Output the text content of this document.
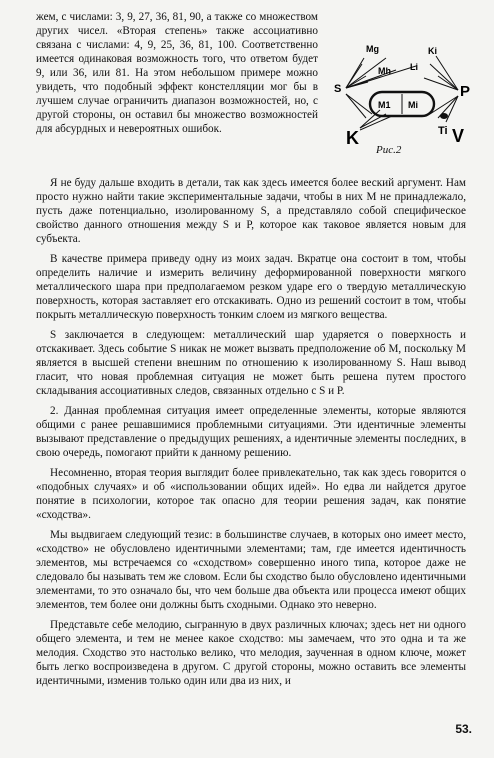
жем, с числами: 3, 9, 27, 36, 81, 90, а также со множеством других чисел. «Вторая степень» также ассоциативно связана с числами: 4, 9, 25, 36, 81, 100. Соответственно имеется одинаковая возможность того, что ответом будет 9, или 36, или 81. На этом небольшом примере можно увидеть, что подобный эффект констелляции мог бы в лучшем случае ограничить диапазон возможностей, но, с другой стороны, он оставил бы множество возможностей для абсурдных и невероятных ошибок.

Mg	Ki
Mh Li
S	P
M1 Mi
K	Ti V
Рис.2

Я не буду дальше входить в детали, так как здесь имеется более веский аргумент. Нам просто нужно найти такие экспериментальные задачи, чтобы в них М не принадлежало, пусть даже потенциально, изолированному S, а представляло собой специфическое свойство данного отношения между S и Р, которое как таковое является новым для субъекта.

В качестве примера приведу одну из моих задач. Вкратце она состоит в том, чтобы определить наличие и измерить величину деформированной поверхности мягкого металлического шара при предполагаемом резком ударе его о твердую металлическую поверхность, которая заставляет его отскакивать. Одно из решений состоит в том, чтобы покрыть металлическую поверхность тонким слоем из мягкого вещества.

S заключается в следующем: металлический шар ударяется о поверхность и отскакивает. Здесь событие S никак не может вызвать предположение об М, поскольку М является в высшей степени внешним по отношению к изолированному S. Наш вывод гласит, что новая проблемная ситуация не может быть решена путем простого складывания ассоциативных следов, связанных отдельно с S и Р.

2. Данная проблемная ситуация имеет определенные элементы, которые являются общими с ранее решавшимися проблемными ситуациями. Эти идентичные элементы вызывают представление о предыдущих решениях, а идентичные элементы последних, в свою очередь, помогают прийти к данному решению.

Несомненно, вторая теория выглядит более привлекательно, так как здесь говорится о «подобных случаях» и об «использовании общих идей». Но едва ли найдется другое понятие в психологии, которое так опасно для теории решения задач, как понятие «сходства».

Мы выдвигаем следующий тезис: в большинстве случаев, в которых оно имеет место, «сходство» не обусловлено идентичными элементами; там, где имеется идентичность элементов, мы встречаемся со «сходством» совершенно иного типа, которое даже не следовало бы называть тем же словом. Если бы сходство было обусловлено идентичными элементами, то это означало бы, что чем больше два объекта или процесса имеют общих элементов, тем более они должны быть сходными. Однако это неверно.

Представьте себе мелодию, сыгранную в двух различных ключах; здесь нет ни одного общего элемента, и тем не менее какое сходство: мы замечаем, что это одна и та же мелодия. Сходство это настолько велико, что мелодия, заученная в одном ключе, может быть легко воспроизведена в другом. С другой стороны, можно оставить все элементы идентичными, изменив только один или два из них, и

53.
